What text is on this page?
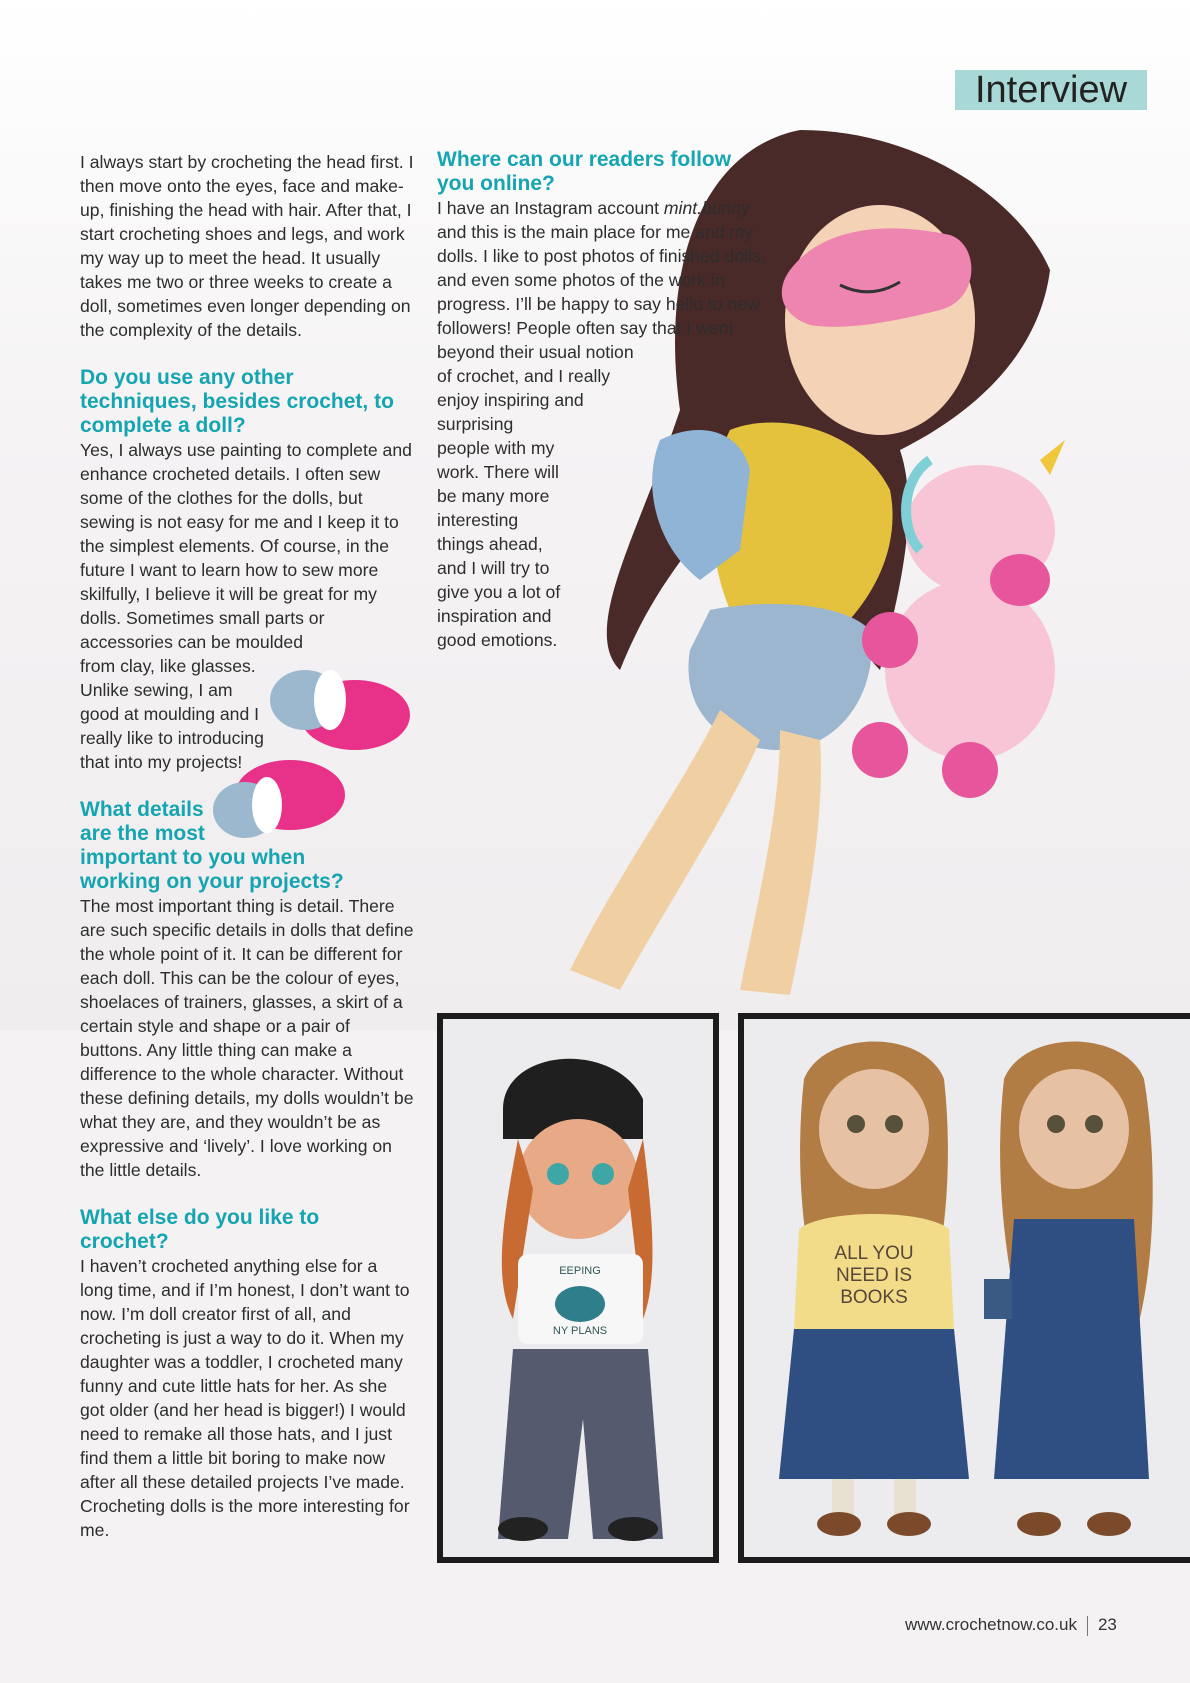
Interview

I always start by crocheting the head first. I then move onto the eyes, face and make-up, finishing the head with hair. After that, I start crocheting shoes and legs, and work my way up to meet the head. It usually takes me two or three weeks to create a doll, sometimes even longer depending on the complexity of the details.

Do you use any other techniques, besides crochet, to complete a doll?

Yes, I always use painting to complete and enhance crocheted details. I often sew some of the clothes for the dolls, but sewing is not easy for me and I keep it to the simplest elements. Of course, in the future I want to learn how to sew more skilfully, I believe it will be great for my dolls. Sometimes small parts or accessories can be moulded

from clay, like glasses. Unlike sewing, I am good at moulding and I really like to introducing that into my projects!

What details are the most

important to you when working on your projects?

The most important thing is detail. There are such specific details in dolls that define the whole point of it. It can be different for each doll. This can be the colour of eyes, shoelaces of trainers, glasses, a skirt of a certain style and shape or a pair of buttons. Any little thing can make a difference to the whole character. Without these defining details, my dolls wouldn’t be what they are, and they wouldn’t be as expressive and ‘lively’. I love working on the little details.

What else do you like to crochet?

I haven’t crocheted anything else for a long time, and if I’m honest, I don’t want to now. I’m doll creator first of all, and crocheting is just a way to do it. When my daughter was a toddler, I crocheted many funny and cute little hats for her. As she got older (and her head is bigger!) I would need to remake all those hats, and I just find them a little bit boring to make now after all these detailed projects I’ve made. Crocheting dolls is the more interesting for me.

Where can our readers follow you online?

I have an Instagram account mint.bunny and this is the main place for me and my dolls. I like to post photos of finished dolls, and even some photos of the work in progress. I’ll be happy to say hello to new followers! People often say that I went

beyond their usual notion of crochet, and I really enjoy inspiring and surprising

people with my work. There will be many more interesting things ahead, and I will try to give you a lot of inspiration and good emotions.

EEPING
NY PLANS
ALL YOU
NEED IS
BOOKS
www.crochetnow.co.uk 23
